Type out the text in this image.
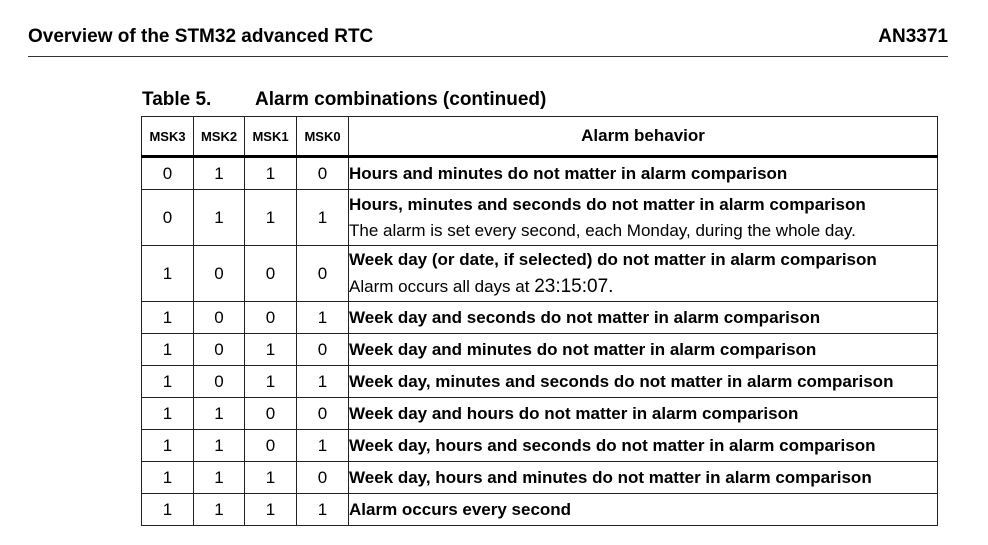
Overview of the STM32 advanced RTC	AN3371
Table 5. Alarm combinations (continued)
MSK3	MSK2	MSK1	MSK0	Alarm behavior
0	1	1	0	Hours and minutes do not matter in alarm comparison

0	1	1	1	Hours, minutes and seconds do not matter in alarm comparison
The alarm is set every second, each Monday, during the whole day.

1	0	0	0	Week day (or date, if selected) do not matter in alarm comparison
Alarm occurs all days at 23:15:07.

1	0	0	1	Week day and seconds do not matter in alarm comparison

1	0	1	0	Week day and minutes do not matter in alarm comparison

1	0	1	1	Week day, minutes and seconds do not matter in alarm comparison

1	1	0	0	Week day and hours do not matter in alarm comparison

1	1	0	1	Week day, hours and seconds do not matter in alarm comparison

1	1	1	0	Week day, hours and minutes do not matter in alarm comparison

1	1	1	1	Alarm occurs every second
